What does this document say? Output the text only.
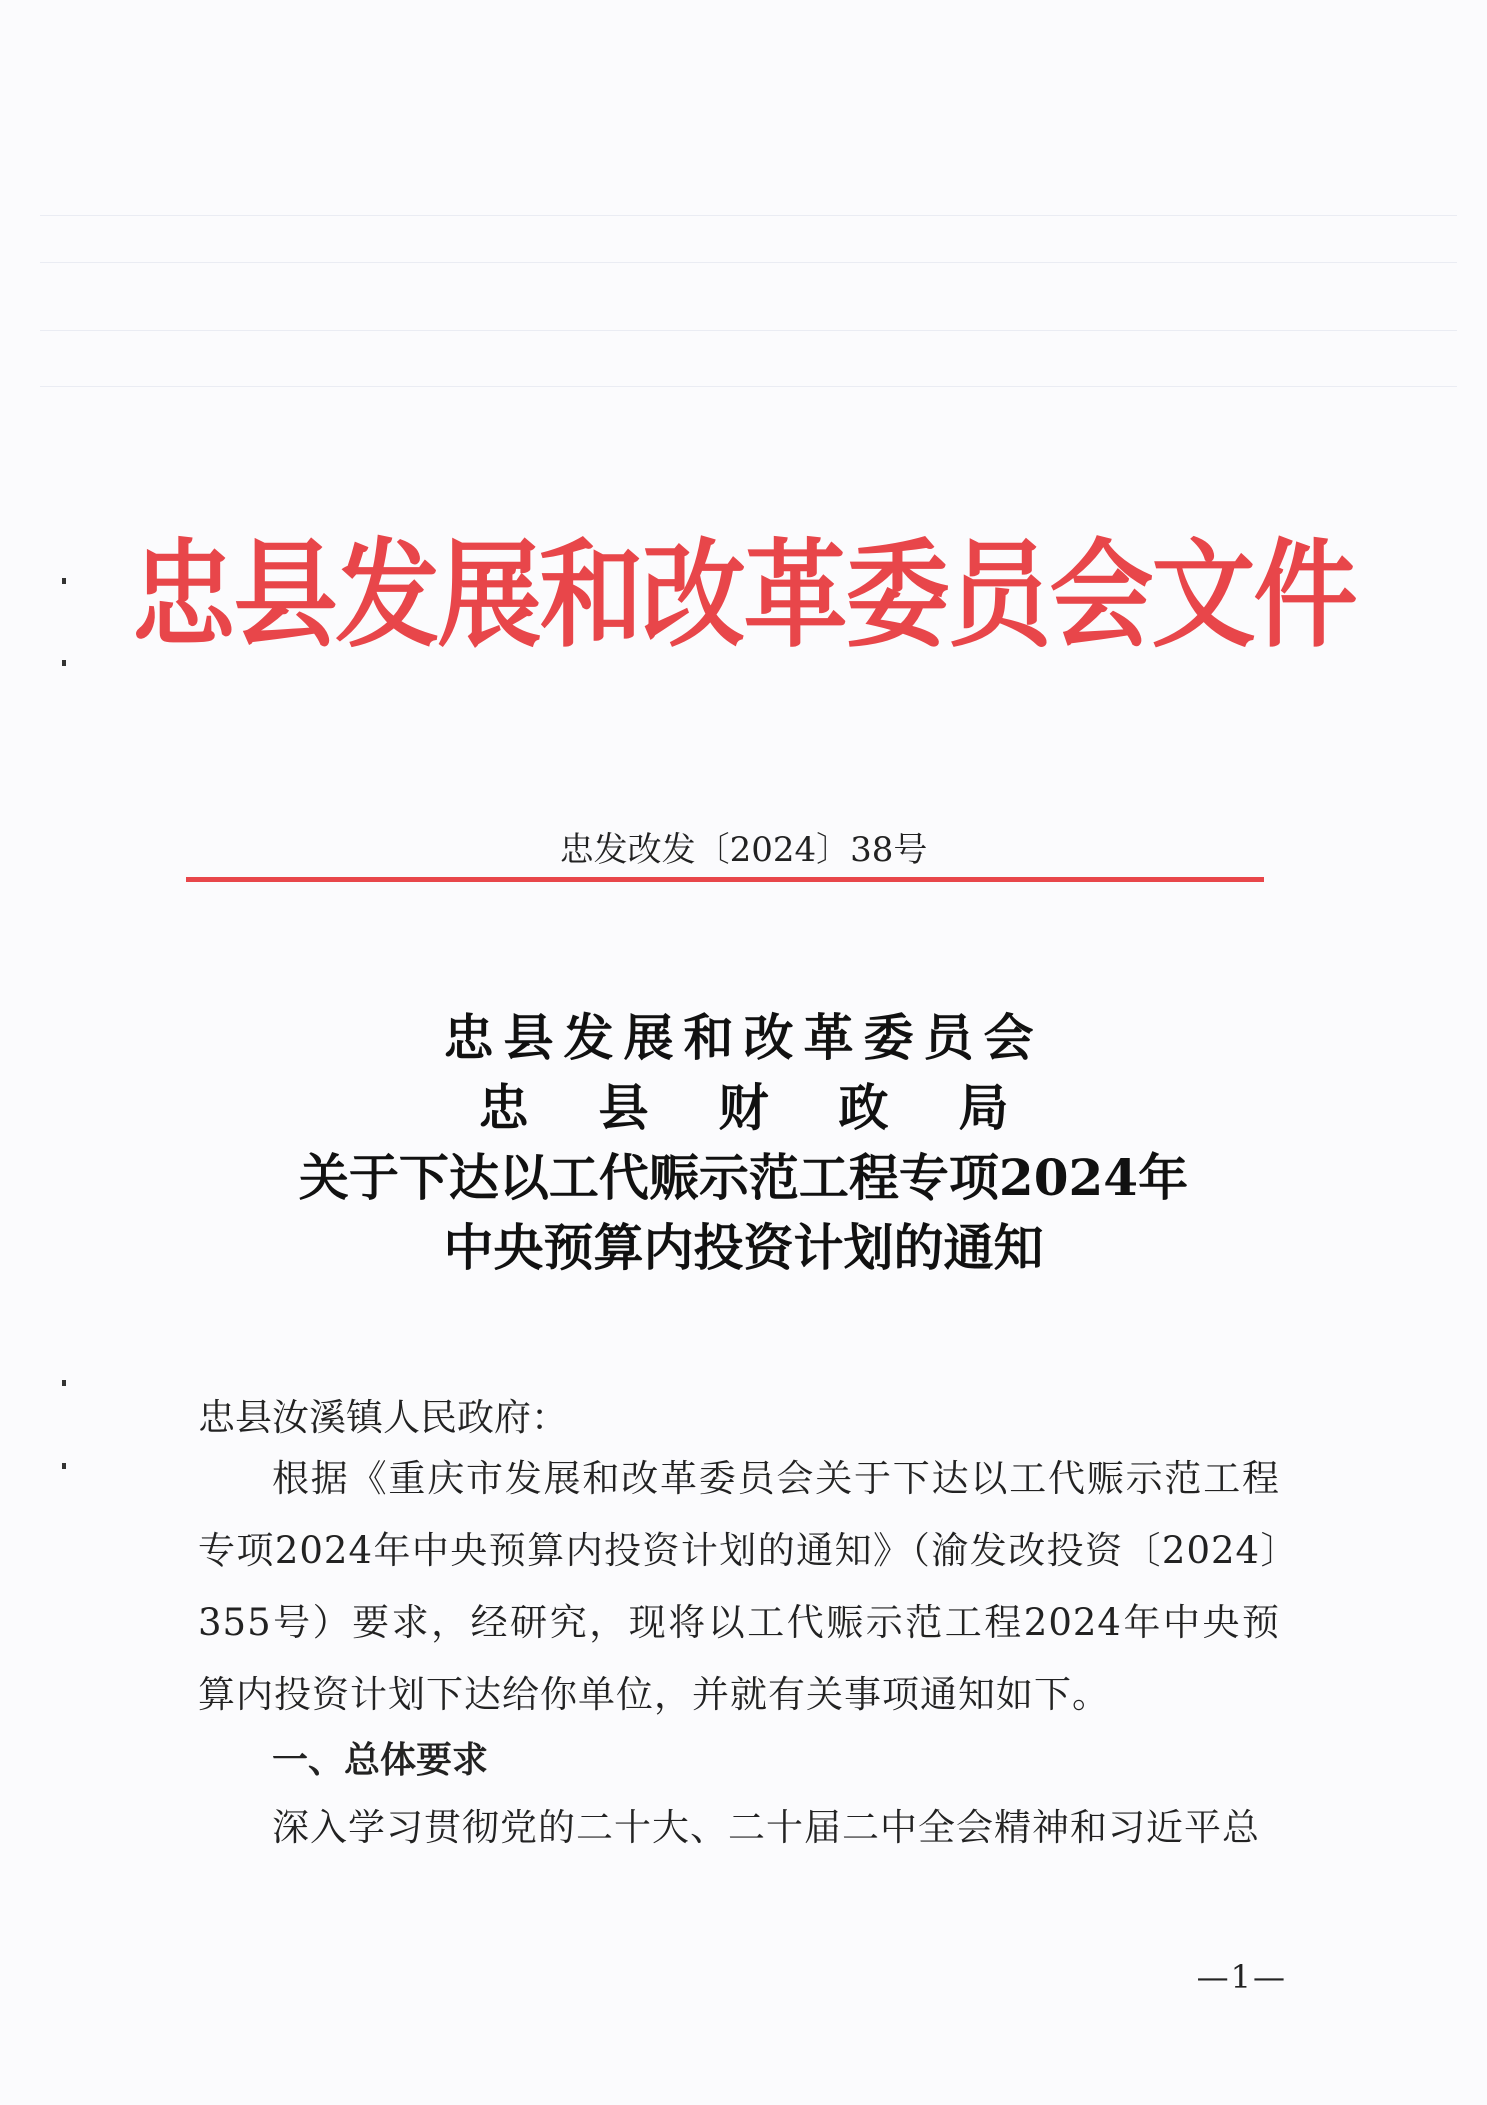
忠县发展和改革委员会文件
忠发改发〔2024〕38号
忠县发展和改革委员会
忠县财政局
关于下达以工代赈示范工程专项2024年
中央预算内投资计划的通知
忠县汝溪镇人民政府：
根据《重庆市发展和改革委员会关于下达以工代赈示范工程专项2024年中央预算内投资计划的通知》（渝发改投资〔2024〕355号）要求，经研究，现将以工代赈示范工程2024年中央预算内投资计划下达给你单位，并就有关事项通知如下。
一、总体要求
深入学习贯彻党的二十大、二十届二中全会精神和习近平总
—1—
